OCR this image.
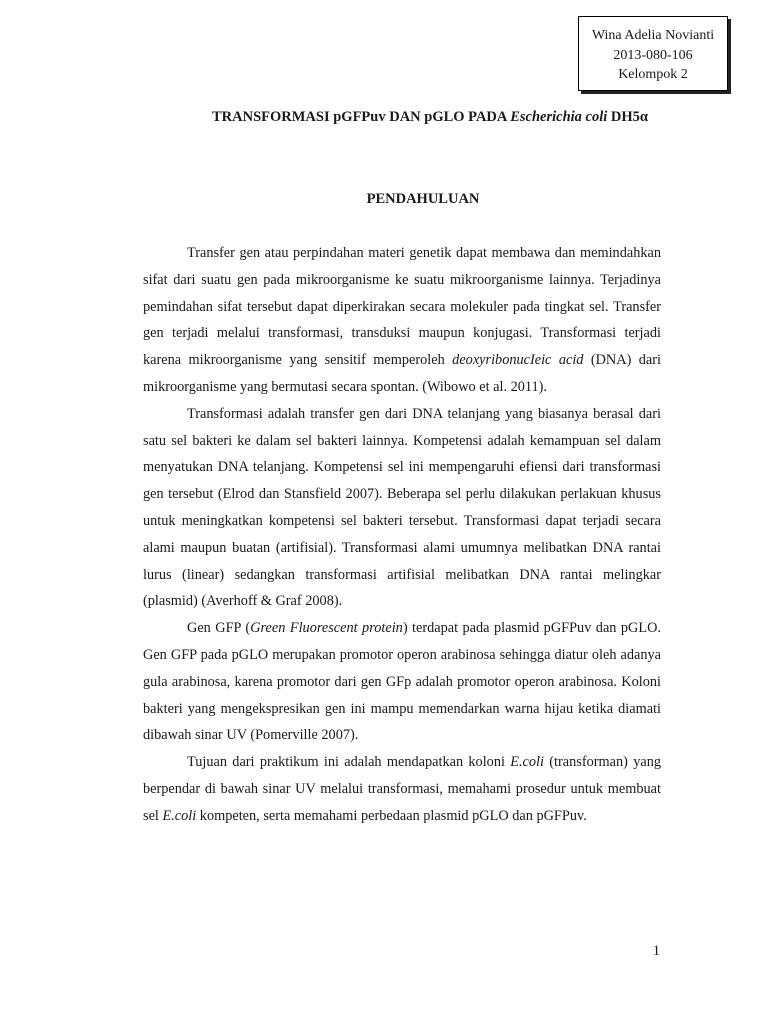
Wina Adelia Novianti
2013-080-106
Kelompok 2
TRANSFORMASI pGFPuv DAN pGLO PADA Escherichia coli DH5α
PENDAHULUAN

Transfer gen atau perpindahan materi genetik dapat membawa dan memindahkan sifat dari suatu gen pada mikroorganisme ke suatu mikroorganisme lainnya. Terjadinya pemindahan sifat tersebut dapat diperkirakan secara molekuler pada tingkat sel. Transfer gen terjadi melalui transformasi, transduksi maupun konjugasi. Transformasi terjadi karena mikroorganisme yang sensitif memperoleh deoxyribonucIeic acid (DNA) dari mikroorganisme yang bermutasi secara spontan. (Wibowo et al. 2011).

Transformasi adalah transfer gen dari DNA telanjang yang biasanya berasal dari satu sel bakteri ke dalam sel bakteri lainnya. Kompetensi adalah kemampuan sel dalam menyatukan DNA telanjang. Kompetensi sel ini mempengaruhi efiensi dari transformasi gen tersebut (Elrod dan Stansfield 2007). Beberapa sel perlu dilakukan perlakuan khusus untuk meningkatkan kompetensi sel bakteri tersebut. Transformasi dapat terjadi secara alami maupun buatan (artifisial). Transformasi alami umumnya melibatkan DNA rantai lurus (linear) sedangkan transformasi artifisial melibatkan DNA rantai melingkar (plasmid) (Averhoff & Graf 2008).

Gen GFP (Green Fluorescent protein) terdapat pada plasmid pGFPuv dan pGLO. Gen GFP pada pGLO merupakan promotor operon arabinosa sehingga diatur oleh adanya gula arabinosa, karena promotor dari gen GFp adalah promotor operon arabinosa. Koloni bakteri yang mengekspresikan gen ini mampu memendarkan warna hijau ketika diamati dibawah sinar UV (Pomerville 2007).

Tujuan dari praktikum ini adalah mendapatkan koloni E.coli (transforman) yang berpendar di bawah sinar UV melalui transformasi, memahami prosedur untuk membuat sel E.coli kompeten, serta memahami perbedaan plasmid pGLO dan pGFPuv.

1
